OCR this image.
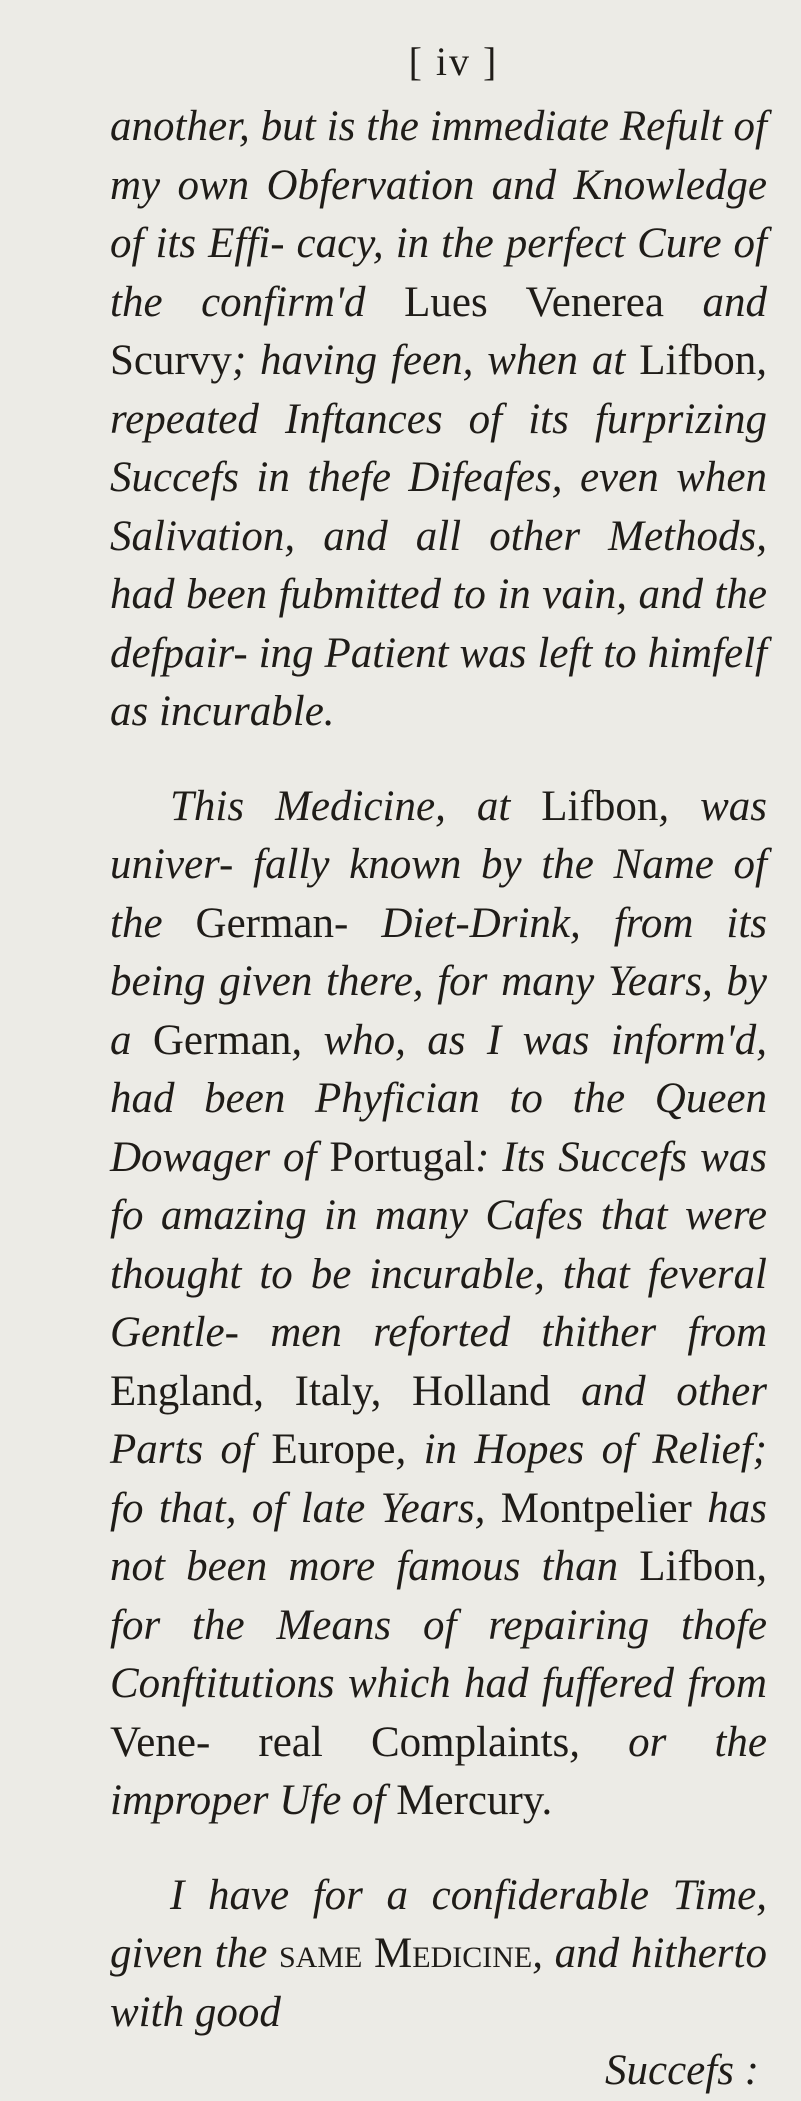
[ iv ]

another, but is the immediate Refult of my own Obfervation and Knowledge of its Effi- cacy, in the perfect Cure of the confirm'd Lues Venerea and Scurvy; having feen, when at Lifbon, repeated Inftances of its furprizing Succefs in thefe Difeafes, even when Salivation, and all other Methods, had been fubmitted to in vain, and the defpair- ing Patient was left to himfelf as incurable.

This Medicine, at Lifbon, was univer- fally known by the Name of the German- Diet-Drink, from its being given there, for many Years, by a German, who, as I was inform'd, had been Phyfician to the Queen Dowager of Portugal: Its Succefs was fo amazing in many Cafes that were thought to be incurable, that feveral Gentle- men reforted thither from England, Italy, Holland and other Parts of Europe, in Hopes of Relief; fo that, of late Years, Montpelier has not been more famous than Lifbon, for the Means of repairing thofe Conftitutions which had fuffered from Vene- real Complaints, or the improper Ufe of Mercury.

I have for a confiderable Time, given the same Medicine, and hitherto with good

Succefs :
